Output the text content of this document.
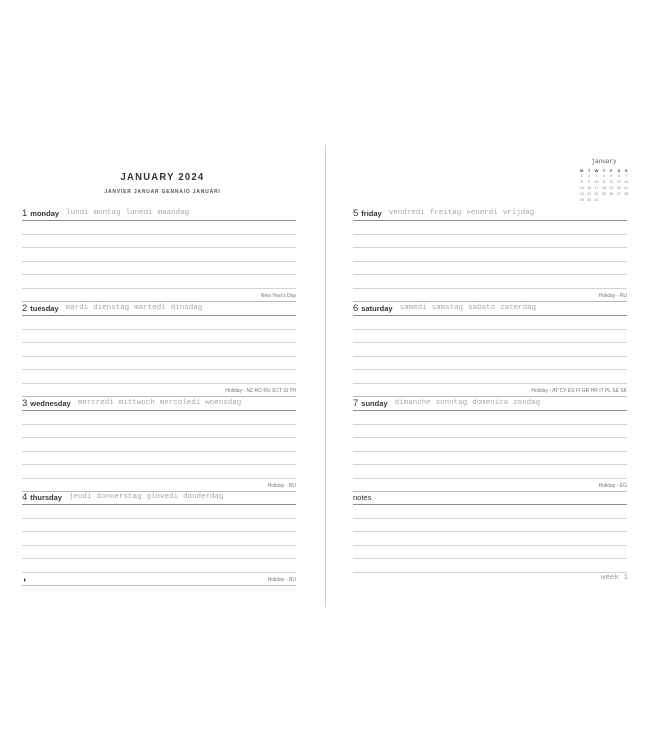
JANUARY 2024
JANVIER JANUAR GENNAIO JANUARI
1 monday lundi montag lunedi maandag
New Year's Day
2 tuesday mardi dienstag martedi dinsdag
Holiday - NZ RO RU SCT SI TH
3 wednesday mercredi mittwoch mercoledi woensdag
Holiday - RU
4 thursday jeudi donnerstag giovedi donderdag
◑	Holiday - RU
january
M	T	W	T	F	S	S
1	2	3	4	5	6	7
8	9	10	11	12	13	14
15	16	17	18	19	20	21
22	23	24	25	26	27	28
29	30	31				
5 friday vendredi freitag venerdi vrijdag
Holiday - RU
6 saturday samedi samstag sabato zaterdag
Holiday - AT CY ES FI GR HR IT PL SE SK
7 sunday dimanche sonntag domenica zondag
Holiday - EG
notes
week 1
